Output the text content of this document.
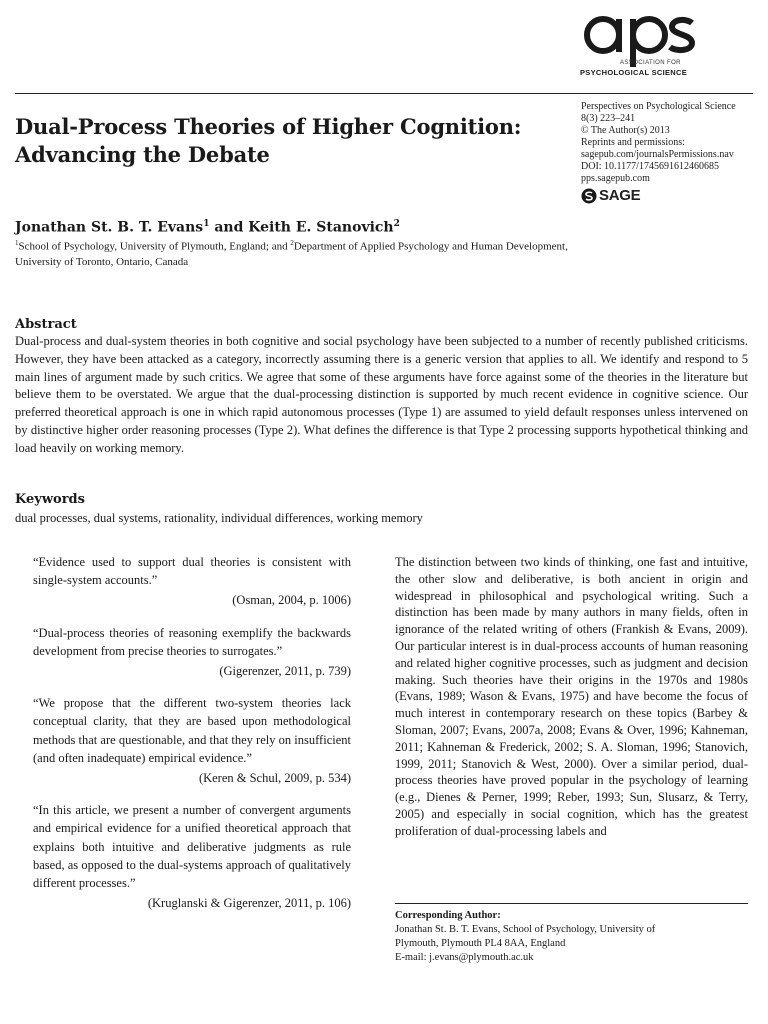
ASSOCIATION FOR
PSYCHOLOGICAL SCIENCE
Dual-Process Theories of Higher Cognition:
Advancing the Debate
Perspectives on Psychological Science
8(3) 223–241
© The Author(s) 2013
Reprints and permissions:
sagepub.com/journalsPermissions.nav
DOI: 10.1177/1745691612460685
pps.sagepub.com
SAGE
Jonathan St. B. T. Evans$^1$ and Keith E. Stanovich$^2$
$^1$School of Psychology, University of Plymouth, England; and $^2$Department of Applied Psychology and Human Development, University of Toronto, Ontario, Canada
Abstract
Dual-process and dual-system theories in both cognitive and social psychology have been subjected to a number of recently published criticisms. However, they have been attacked as a category, incorrectly assuming there is a generic version that applies to all. We identify and respond to 5 main lines of argument made by such critics. We agree that some of these arguments have force against some of the theories in the literature but believe them to be overstated. We argue that the dual-processing distinction is supported by much recent evidence in cognitive science. Our preferred theoretical approach is one in which rapid autonomous processes (Type 1) are assumed to yield default responses unless intervened on by distinctive higher order reasoning processes (Type 2). What defines the difference is that Type 2 processing supports hypothetical thinking and load heavily on working memory.
Keywords
dual processes, dual systems, rationality, individual differences, working memory
“Evidence used to support dual theories is consistent with single-system accounts.”
(Osman, 2004, p. 1006)
“Dual-process theories of reasoning exemplify the backwards development from precise theories to surrogates.”
(Gigerenzer, 2011, p. 739)
“We propose that the different two-system theories lack conceptual clarity, that they are based upon methodological methods that are questionable, and that they rely on insufficient (and often inadequate) empirical evidence.”
(Keren & Schul, 2009, p. 534)
“In this article, we present a number of convergent arguments and empirical evidence for a unified theoretical approach that explains both intuitive and deliberative judgments as rule based, as opposed to the dual-systems approach of qualitatively different processes.”
(Kruglanski & Gigerenzer, 2011, p. 106)
The distinction between two kinds of thinking, one fast and intuitive, the other slow and deliberative, is both ancient in origin and widespread in philosophical and psychological writing. Such a distinction has been made by many authors in many fields, often in ignorance of the related writing of others (Frankish & Evans, 2009). Our particular interest is in dual-process accounts of human reasoning and related higher cognitive processes, such as judgment and decision making. Such theories have their origins in the 1970s and 1980s (Evans, 1989; Wason & Evans, 1975) and have become the focus of much interest in contemporary research on these topics (Barbey & Sloman, 2007; Evans, 2007a, 2008; Evans & Over, 1996; Kahneman, 2011; Kahneman & Frederick, 2002; S. A. Sloman, 1996; Stanovich, 1999, 2011; Stanovich & West, 2000). Over a similar period, dual-process theories have proved popular in the psychology of learning (e.g., Dienes & Perner, 1999; Reber, 1993; Sun, Slusarz, & Terry, 2005) and especially in social cognition, which has the greatest proliferation of dual-processing labels and
Corresponding Author:
Jonathan St. B. T. Evans, School of Psychology, University of
Plymouth, Plymouth PL4 8AA, England
E-mail: j.evans@plymouth.ac.uk
